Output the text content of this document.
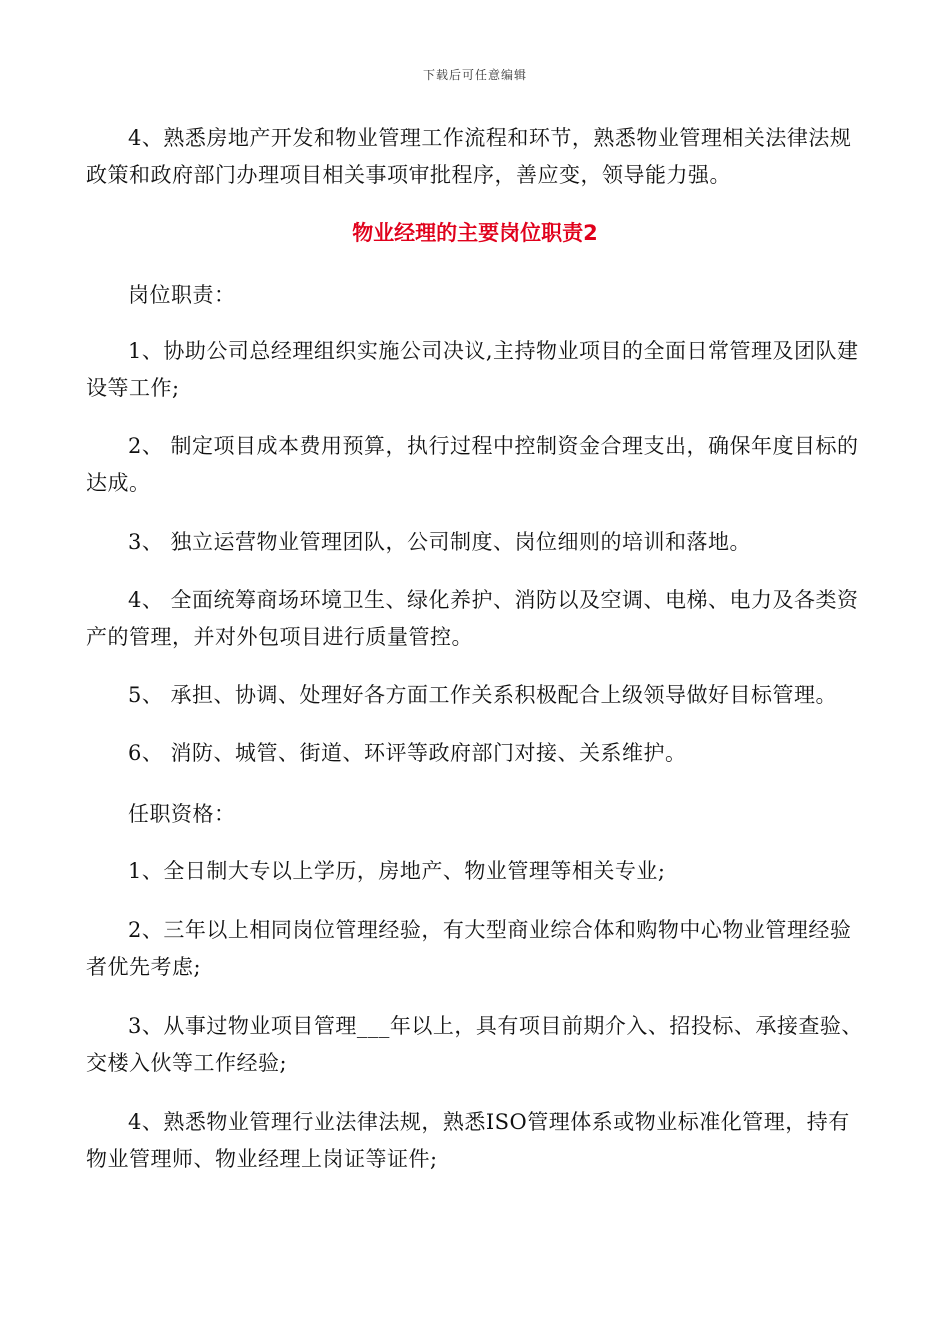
下载后可任意编辑

4、熟悉房地产开发和物业管理工作流程和环节，熟悉物业管理相关法律法规政策和政府部门办理项目相关事项审批程序，善应变，领导能力强。

物业经理的主要岗位职责2

岗位职责：

1、协助公司总经理组织实施公司决议,主持物业项目的全面日常管理及团队建设等工作;

2、 制定项目成本费用预算，执行过程中控制资金合理支出，确保年度目标的达成。

3、 独立运营物业管理团队，公司制度、岗位细则的培训和落地。

4、 全面统筹商场环境卫生、绿化养护、消防以及空调、电梯、电力及各类资产的管理，并对外包项目进行质量管控。

5、 承担、协调、处理好各方面工作关系积极配合上级领导做好目标管理。

6、 消防、城管、街道、环评等政府部门对接、关系维护。

任职资格：

1、全日制大专以上学历，房地产、物业管理等相关专业;

2、三年以上相同岗位管理经验，有大型商业综合体和购物中心物业管理经验者优先考虑;

3、从事过物业项目管理___年以上，具有项目前期介入、招投标、承接查验、交楼入伙等工作经验;

4、熟悉物业管理行业法律法规，熟悉ISO管理体系或物业标准化管理，持有物业管理师、物业经理上岗证等证件;
